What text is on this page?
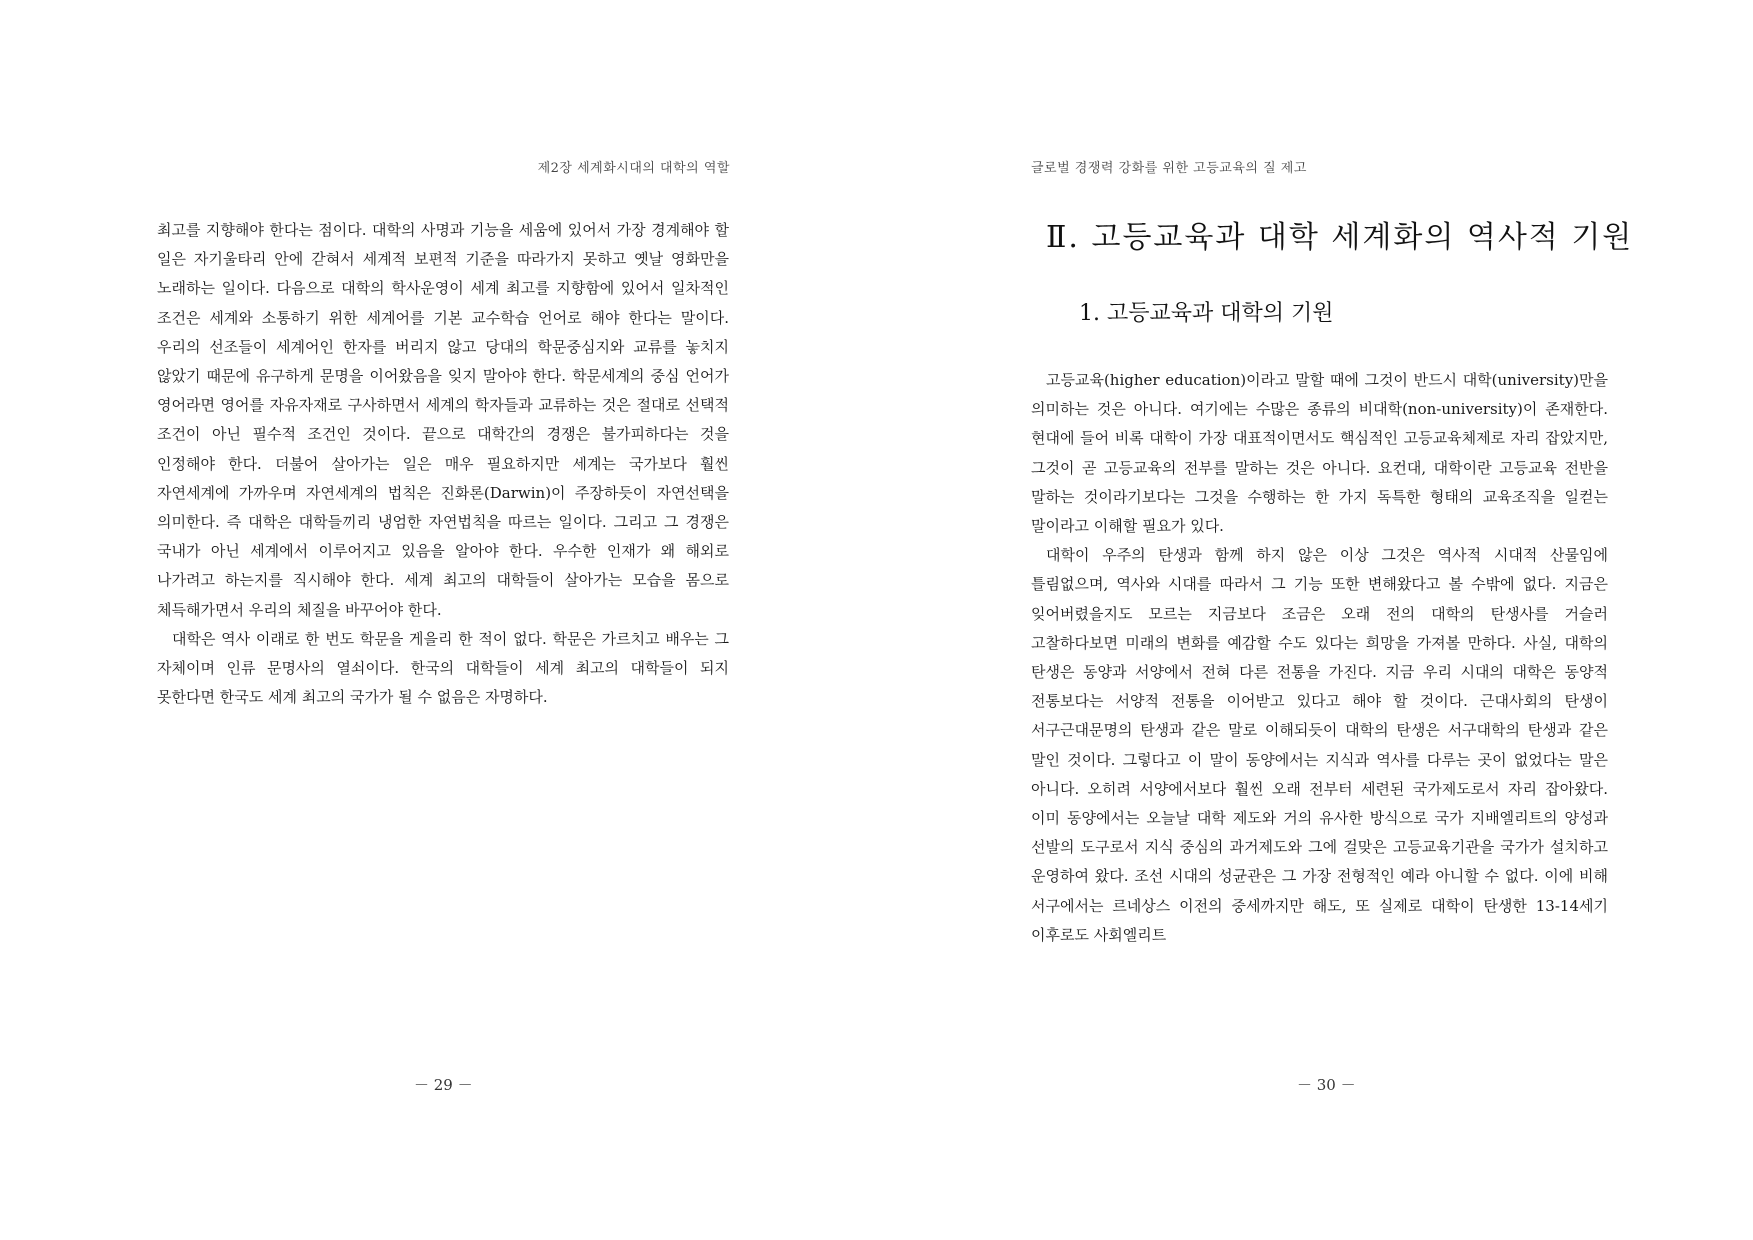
제2장 세계화시대의 대학의 역할

최고를 지향해야 한다는 점이다. 대학의 사명과 기능을 세움에 있어서 가장 경계해야 할 일은 자기울타리 안에 갇혀서 세계적 보편적 기준을 따라가지 못하고 옛날 영화만을 노래하는 일이다. 다음으로 대학의 학사운영이 세계 최고를 지향함에 있어서 일차적인 조건은 세계와 소통하기 위한 세계어를 기본 교수학습 언어로 해야 한다는 말이다. 우리의 선조들이 세계어인 한자를 버리지 않고 당대의 학문중심지와 교류를 놓치지 않았기 때문에 유구하게 문명을 이어왔음을 잊지 말아야 한다. 학문세계의 중심 언어가 영어라면 영어를 자유자재로 구사하면서 세계의 학자들과 교류하는 것은 절대로 선택적 조건이 아닌 필수적 조건인 것이다. 끝으로 대학간의 경쟁은 불가피하다는 것을 인정해야 한다. 더불어 살아가는 일은 매우 필요하지만 세계는 국가보다 훨씬 자연세계에 가까우며 자연세계의 법칙은 진화론(Darwin)이 주장하듯이 자연선택을 의미한다. 즉 대학은 대학들끼리 냉엄한 자연법칙을 따르는 일이다. 그리고 그 경쟁은 국내가 아닌 세계에서 이루어지고 있음을 알아야 한다. 우수한 인재가 왜 해외로 나가려고 하는지를 직시해야 한다. 세계 최고의 대학들이 살아가는 모습을 몸으로 체득해가면서 우리의 체질을 바꾸어야 한다.

대학은 역사 이래로 한 번도 학문을 게을리 한 적이 없다. 학문은 가르치고 배우는 그 자체이며 인류 문명사의 열쇠이다. 한국의 대학들이 세계 최고의 대학들이 되지 못한다면 한국도 세계 최고의 국가가 될 수 없음은 자명하다.

－ 29 －
글로벌 경쟁력 강화를 위한 고등교육의 질 제고
Ⅱ. 고등교육과 대학 세계화의 역사적 기원
1. 고등교육과 대학의 기원

고등교육(higher education)이라고 말할 때에 그것이 반드시 대학(university)만을 의미하는 것은 아니다. 여기에는 수많은 종류의 비대학(non-university)이 존재한다. 현대에 들어 비록 대학이 가장 대표적이면서도 핵심적인 고등교육체제로 자리 잡았지만, 그것이 곧 고등교육의 전부를 말하는 것은 아니다. 요컨대, 대학이란 고등교육 전반을 말하는 것이라기보다는 그것을 수행하는 한 가지 독특한 형태의 교육조직을 일컫는 말이라고 이해할 필요가 있다.

대학이 우주의 탄생과 함께 하지 않은 이상 그것은 역사적 시대적 산물임에 틀림없으며, 역사와 시대를 따라서 그 기능 또한 변해왔다고 볼 수밖에 없다. 지금은 잊어버렸을지도 모르는 지금보다 조금은 오래 전의 대학의 탄생사를 거슬러 고찰하다보면 미래의 변화를 예감할 수도 있다는 희망을 가져볼 만하다. 사실, 대학의 탄생은 동양과 서양에서 전혀 다른 전통을 가진다. 지금 우리 시대의 대학은 동양적 전통보다는 서양적 전통을 이어받고 있다고 해야 할 것이다. 근대사회의 탄생이 서구근대문명의 탄생과 같은 말로 이해되듯이 대학의 탄생은 서구대학의 탄생과 같은 말인 것이다. 그렇다고 이 말이 동양에서는 지식과 역사를 다루는 곳이 없었다는 말은 아니다. 오히려 서양에서보다 훨씬 오래 전부터 세련된 국가제도로서 자리 잡아왔다. 이미 동양에서는 오늘날 대학 제도와 거의 유사한 방식으로 국가 지배엘리트의 양성과 선발의 도구로서 지식 중심의 과거제도와 그에 걸맞은 고등교육기관을 국가가 설치하고 운영하여 왔다. 조선 시대의 성균관은 그 가장 전형적인 예라 아니할 수 없다. 이에 비해 서구에서는 르네상스 이전의 중세까지만 해도, 또 실제로 대학이 탄생한 13-14세기 이후로도 사회엘리트

－ 30 －
